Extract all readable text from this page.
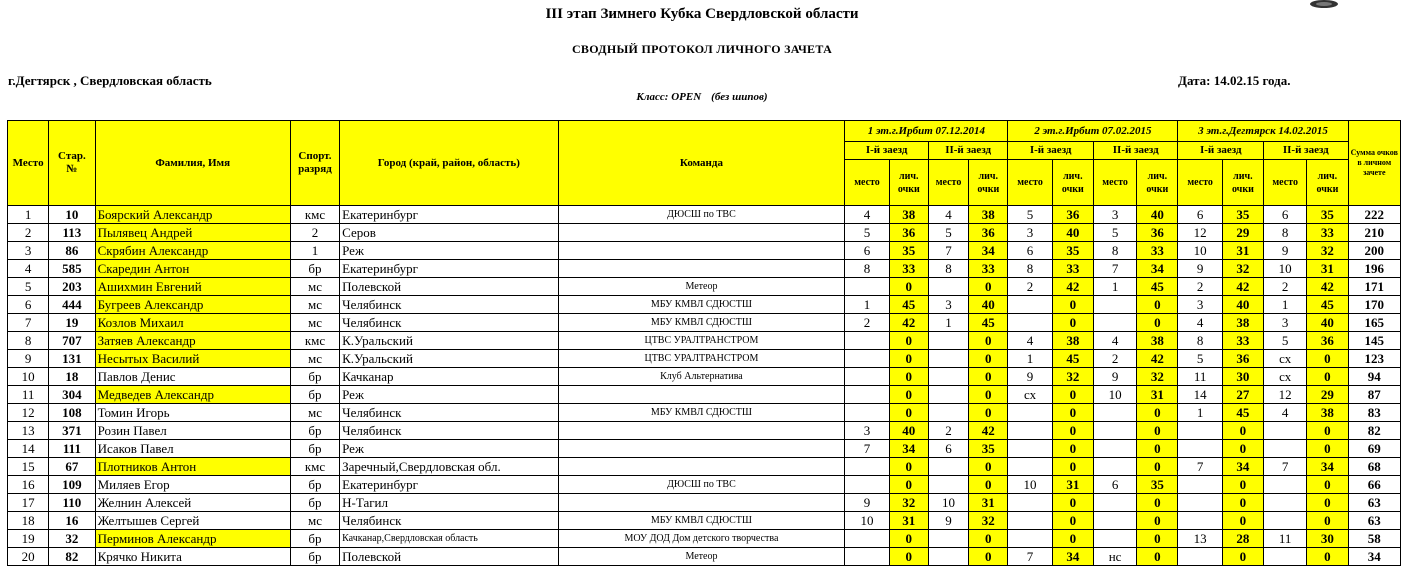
III этап Зимнего Кубка Свердловской области
СВОДНЫЙ ПРОТОКОЛ ЛИЧНОГО ЗАЧЕТА
г.Дегтярск , Свердловская область	Дата: 14.02.15 года.
Класс: OPEN (без шипов)
Место	Стар. №	Фамилия, Имя	Спорт. разряд	Город (край, район, область)	Команда	1 эт.г.Ирбит 07.12.2014				2 эт.г.Ирбит 07.02.2015				3 эт.г.Дегтярск 14.02.2015				Сумма очков в личном зачете
						I-й заезд		II-й заезд		I-й заезд		II-й заезд		I-й заезд		II-й заезд		
						место	лич. очки	место	лич. очки	место	лич. очки	место	лич. очки	место	лич. очки	место	лич. очки	
1	10	Боярский Александр	кмс	Екатеринбург	ДЮСШ по ТВС	4	38	4	38	5	36	3	40	6	35	6	35	222
2	113	Пылявец Андрей	2	Серов		5	36	5	36	3	40	5	36	12	29	8	33	210
3	86	Скрябин Александр	1	Реж		6	35	7	34	6	35	8	33	10	31	9	32	200
4	585	Скаредин Антон	бр	Екатеринбург		8	33	8	33	8	33	7	34	9	32	10	31	196
5	203	Ашихмин Евгений	мс	Полевской	Метеор		0		0	2	42	1	45	2	42	2	42	171
6	444	Бугреев Александр	мс	Челябинск	МБУ КМВЛ СДЮСТШ	1	45	3	40		0		0	3	40	1	45	170
7	19	Козлов Михаил	мс	Челябинск	МБУ КМВЛ СДЮСТШ	2	42	1	45		0		0	4	38	3	40	165
8	707	Затяев Александр	кмс	К.Уральский	ЦТВС УРАЛТРАНСТРОМ		0		0	4	38	4	38	8	33	5	36	145
9	131	Несытых Василий	мс	К.Уральский	ЦТВС УРАЛТРАНСТРОМ		0		0	1	45	2	42	5	36	сх	0	123
10	18	Павлов Денис	бр	Качканар	Клуб Альтернатива		0		0	9	32	9	32	11	30	сх	0	94
11	304	Медведев Александр	бр	Реж			0		0	сх	0	10	31	14	27	12	29	87
12	108	Томин Игорь	мс	Челябинск	МБУ КМВЛ СДЮСТШ		0		0		0		0	1	45	4	38	83
13	371	Розин Павел	бр	Челябинск		3	40	2	42		0		0		0		0	82
14	111	Исаков Павел	бр	Реж		7	34	6	35		0		0		0		0	69
15	67	Плотников Антон	кмс	Заречный,Свердловская обл.			0		0		0		0	7	34	7	34	68
16	109	Миляев Егор	бр	Екатеринбург	ДЮСШ по ТВС		0		0	10	31	6	35		0		0	66
17	110	Желнин Алексей	бр	Н-Тагил		9	32	10	31		0		0		0		0	63
18	16	Желтышев Сергей	мс	Челябинск	МБУ КМВЛ СДЮСТШ	10	31	9	32		0		0		0		0	63
19	32	Перминов Александр	бр	Качканар,Свердловская область	МОУ ДОД Дом детского творчества		0		0		0		0	13	28	11	30	58
20	82	Крячко Никита	бр	Полевской	Метеор		0		0	7	34	нс	0		0		0	34
